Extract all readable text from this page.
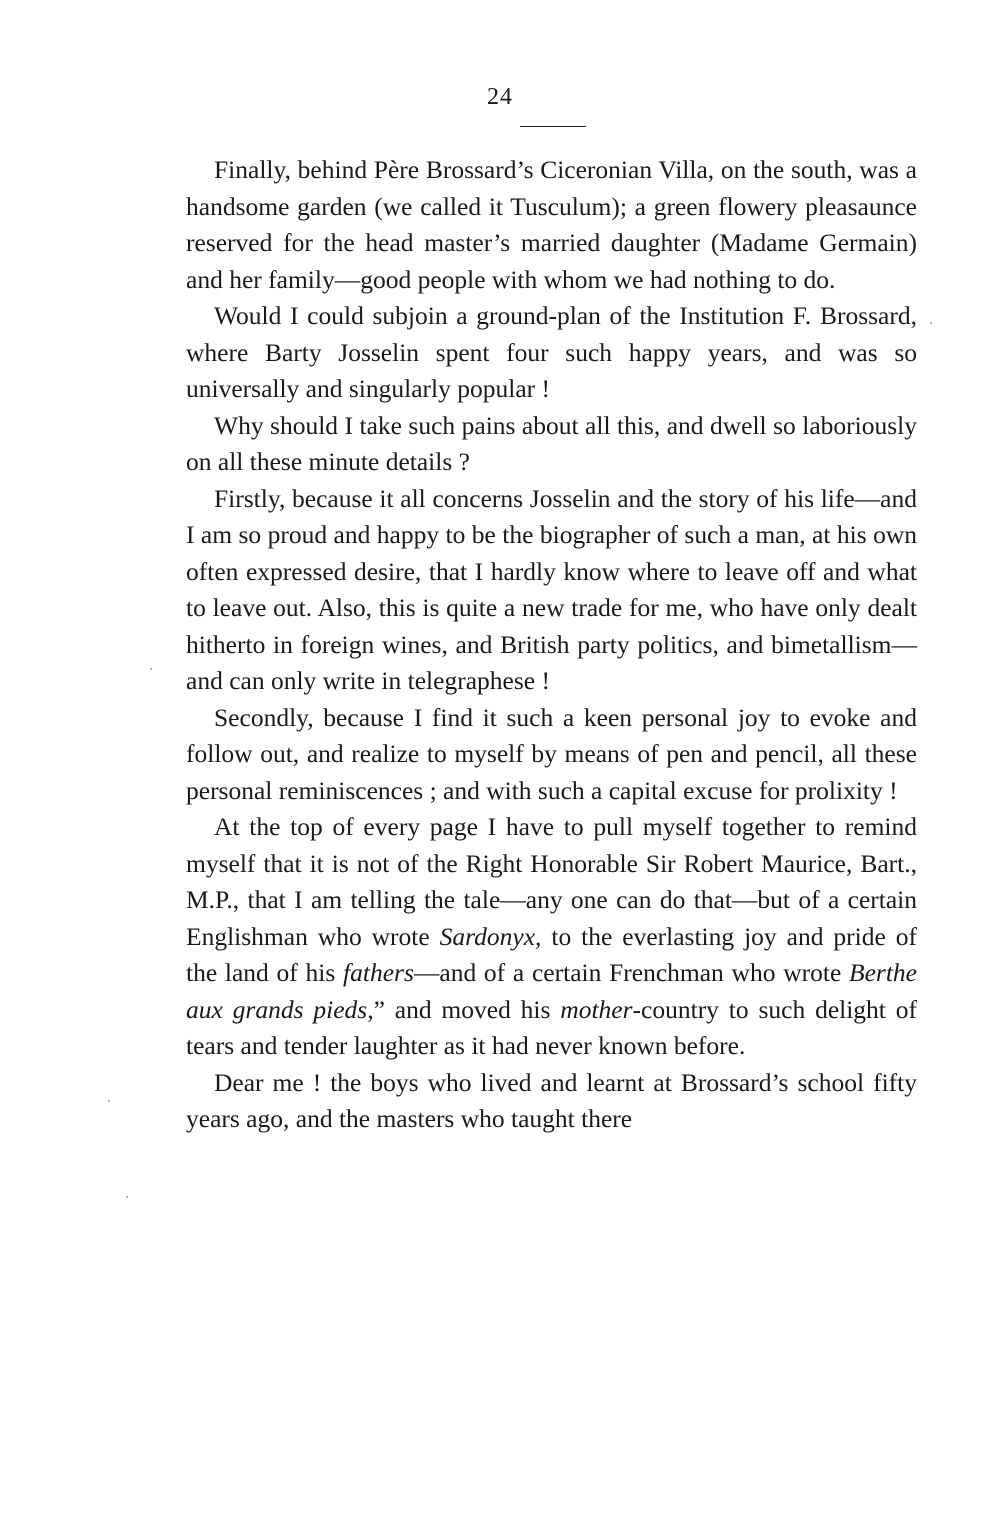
24

Finally, behind Père Brossard’s Ciceronian Villa, on the south, was a handsome garden (we called it Tusculum); a green flowery pleasaunce reserved for the head master’s married daughter (Madame Germain) and her family—good people with whom we had nothing to do.

Would I could subjoin a ground-plan of the Institution F. Brossard, where Barty Josselin spent four such happy years, and was so universally and singularly popular !

Why should I take such pains about all this, and dwell so laboriously on all these minute details ?

Firstly, because it all concerns Josselin and the story of his life—and I am so proud and happy to be the biographer of such a man, at his own often expressed desire, that I hardly know where to leave off and what to leave out. Also, this is quite a new trade for me, who have only dealt hitherto in foreign wines, and British party politics, and bimetallism—and can only write in telegraphese !

Secondly, because I find it such a keen personal joy to evoke and follow out, and realize to myself by means of pen and pencil, all these personal reminiscences ; and with such a capital excuse for prolixity !

At the top of every page I have to pull myself together to remind myself that it is not of the Right Honorable Sir Robert Maurice, Bart., M.P., that I am telling the tale—any one can do that—but of a certain Englishman who wrote Sardonyx, to the everlasting joy and pride of the land of his fathers—and of a certain Frenchman who wrote Berthe aux grands pieds,” and moved his mother-country to such delight of tears and tender laughter as it had never known before.

Dear me ! the boys who lived and learnt at Brossard’s school fifty years ago, and the masters who taught there
